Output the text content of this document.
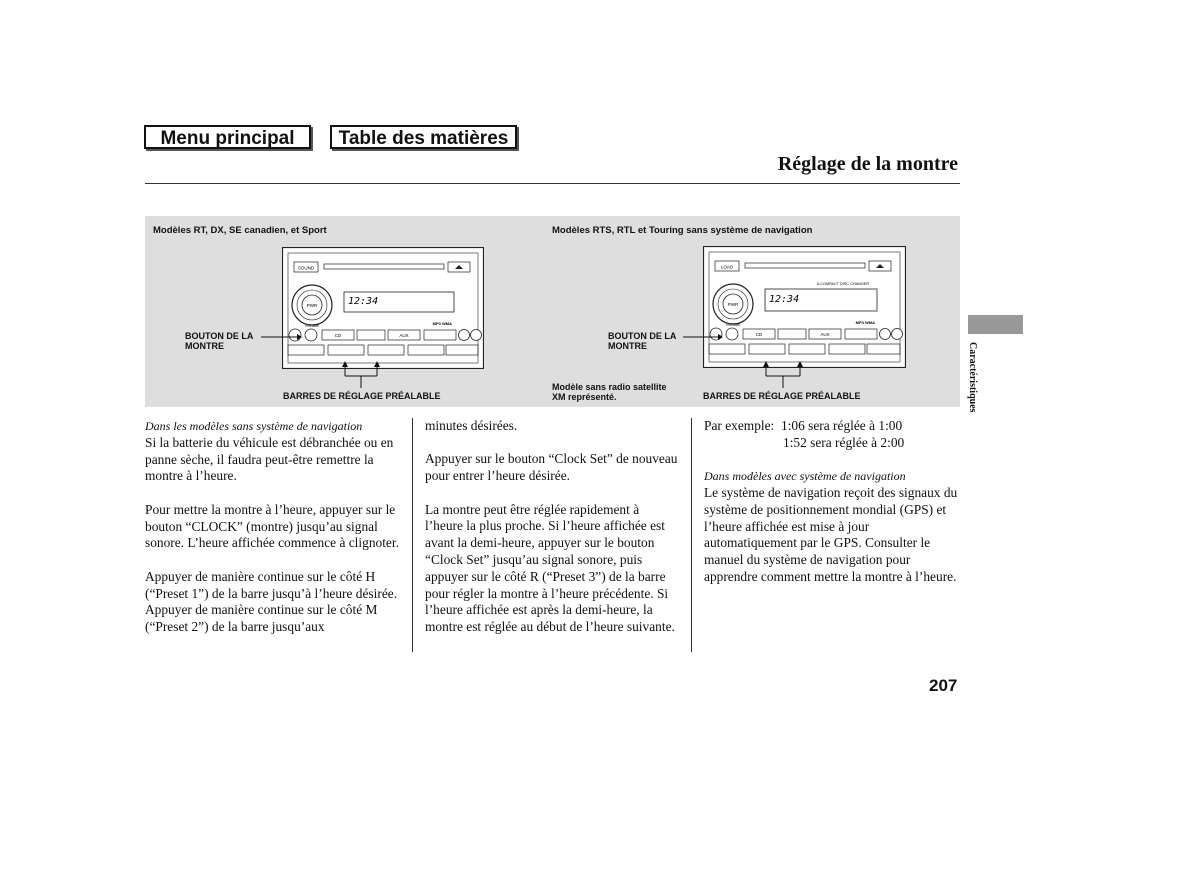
Menu principal	Table des matières
Réglage de la montre
Modèles RT, DX, SE canadien, et Sport	Modèles RTS, RTL et Touring sans système de navigation
SOUND
PWR
VOLUME
12:34
MP3 WMA
CD	AUX
LOAD
6-COMPACT DISC CHANGER
PWR
VOLUME
12:34
MP3 WMA
CD	AUX
BOUTON DE LA
MONTRE
BOUTON DE LA
MONTRE
BARRES DE RÉGLAGE PRÉALABLE	BARRES DE RÉGLAGE PRÉALABLE
Modèle sans radio satellite
XM représenté.
Dans les modèles sans système de navigation

Si la batterie du véhicule est débranchée ou en panne sèche, il faudra peut-être remettre la montre à l’heure.

Pour mettre la montre à l’heure, appuyer sur le bouton “CLOCK” (montre) jusqu’au signal sonore. L’heure affichée commence à clignoter.

Appuyer de manière continue sur le côté H (“Preset 1”) de la barre jusqu’à l’heure désirée. Appuyer de manière continue sur le côté M (“Preset 2”) de la barre jusqu’aux

minutes désirées.

Appuyer sur le bouton “Clock Set” de nouveau pour entrer l’heure désirée.

La montre peut être réglée rapidement à l’heure la plus proche. Si l’heure affichée est avant la demi-heure, appuyer sur le bouton “Clock Set” jusqu’au signal sonore, puis appuyer sur le côté R (“Preset 3”) de la barre pour régler la montre à l’heure précédente. Si l’heure affichée est après la demi-heure, la montre est réglée au début de l’heure suivante.

Par exemple: 1:06 sera réglée à 1:00
1:52 sera réglée à 2:00
Dans modèles avec système de navigation

Le système de navigation reçoit des signaux du système de positionnement mondial (GPS) et l’heure affichée est mise à jour automatiquement par le GPS. Consulter le manuel du système de navigation pour apprendre comment mettre la montre à l’heure.

Caractéristiques
207
